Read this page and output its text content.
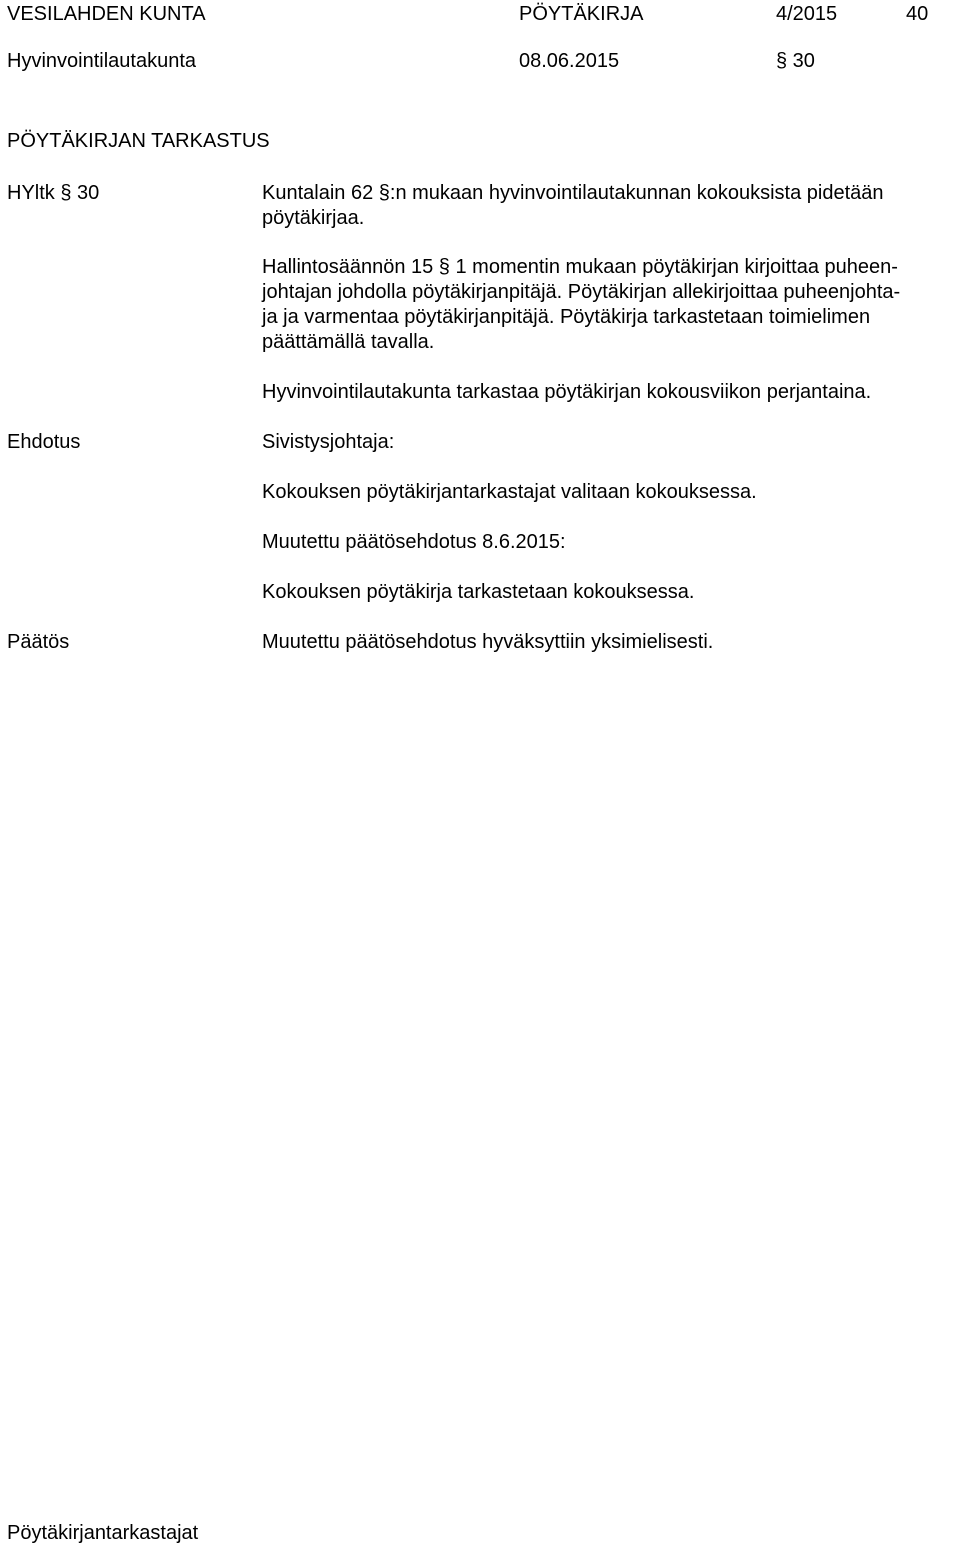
VESILAHDEN KUNTA	PÖYTÄKIRJA	4/2015	40
Hyvinvointilautakunta	08.06.2015	§ 30
PÖYTÄKIRJAN TARKASTUS
HYltk § 30	Kuntalain 62 §:n mukaan hyvinvointilautakunnan kokouksista pidetään pöytäkirjaa.

Hallintosäännön 15 § 1 momentin mukaan pöytäkirjan kirjoittaa puheen-

johtajan johdolla pöytäkirjanpitäjä. Pöytäkirjan allekirjoittaa puheenjohta-

ja ja varmentaa pöytäkirjanpitäjä. Pöytäkirja tarkastetaan toimielimen

päättämällä tavalla.

Hyvinvointilautakunta tarkastaa pöytäkirjan kokousviikon perjantaina.

Ehdotus	Sivistysjohtaja:

Kokouksen pöytäkirjantarkastajat valitaan kokouksessa.

Muutettu päätösehdotus 8.6.2015:

Kokouksen pöytäkirja tarkastetaan kokouksessa.

Päätös	Muutettu päätösehdotus hyväksyttiin yksimielisesti.

Pöytäkirjantarkastajat
